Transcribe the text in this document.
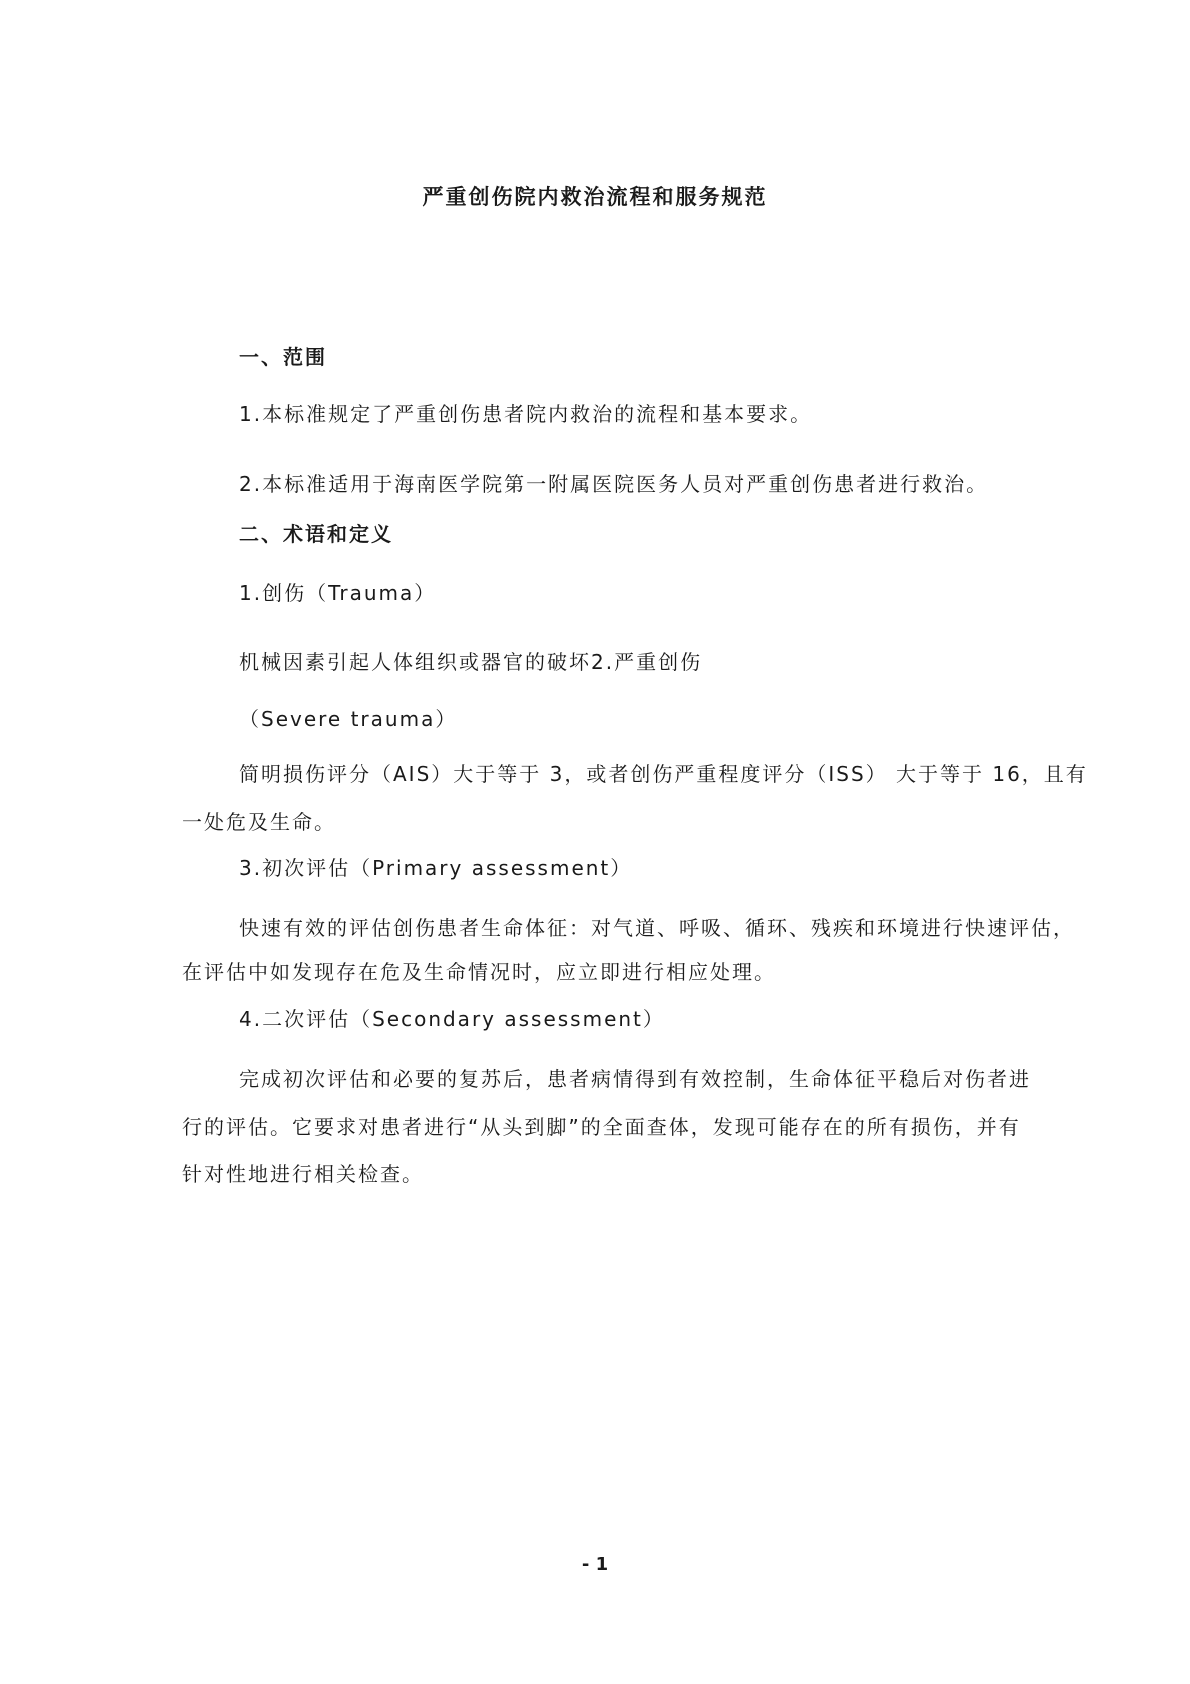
严重创伤院内救治流程和服务规范
一、范围
1.本标准规定了严重创伤患者院内救治的流程和基本要求。
2.本标准适用于海南医学院第一附属医院医务人员对严重创伤患者进行救治。
二、术语和定义
1.创伤（Trauma）
机械因素引起人体组织或器官的破坏2.严重创伤
（Severe trauma）
简明损伤评分（AIS）大于等于 3，或者创伤严重程度评分（ISS） 大于等于 16，且有
一处危及生命。
3.初次评估（Primary assessment）
快速有效的评估创伤患者生命体征：对气道、呼吸、循环、残疾和环境进行快速评估，
在评估中如发现存在危及生命情况时，应立即进行相应处理。
4.二次评估（Secondary assessment）
完成初次评估和必要的复苏后，患者病情得到有效控制，生命体征平稳后对伤者进
行的评估。它要求对患者进行“从头到脚”的全面查体，发现可能存在的所有损伤，并有
针对性地进行相关检查。
- 1
